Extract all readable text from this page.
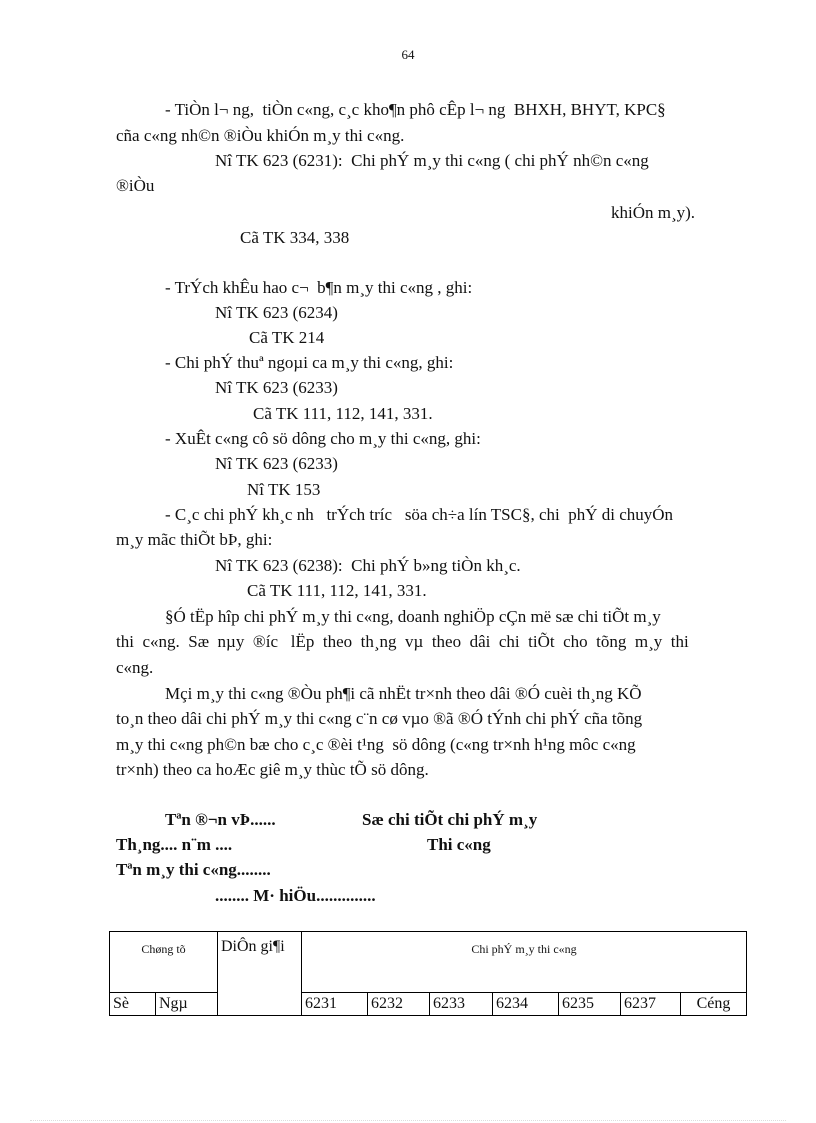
64
- TiÒn l¬ ng,  tiÒn c«ng, c¸c kho¶n phô cÊp l¬ ng  BHXH, BHYT, KPC§
cña c«ng nh©n ®iÒu khiÓn m¸y thi c«ng.
Nî TK 623 (6231):  Chi phÝ m¸y thi c«ng ( chi phÝ nh©n c«ng
®iÒu
khiÓn m¸y).
Cã TK 334, 338
- TrÝch khÊu hao c¬  b¶n m¸y thi c«ng , ghi:
Nî TK 623 (6234)
Cã TK 214
- Chi phÝ thuª ngoµi ca m¸y thi c«ng, ghi:
Nî TK 623 (6233)
Cã TK 111, 112, 141, 331.
- XuÊt c«ng cô sö dông cho m¸y thi c«ng, ghi:
Nî TK 623 (6233)
Nî TK 153
- C¸c chi phÝ kh¸c nh   trÝch tríc   söa ch÷a lín TSC§, chi  phÝ di chuyÓn
m¸y mãc thiÕt bÞ, ghi:
Nî TK 623 (6238):  Chi phÝ b»ng tiÒn kh¸c.
Cã TK 111, 112, 141, 331.
§Ó tËp hîp chi phÝ m¸y thi c«ng, doanh nghiÖp cÇn më sæ chi tiÕt m¸y
thi  c«ng.  Sæ  nµy  ®íc   lËp  theo  th¸ng  vµ  theo  dâi  chi  tiÕt  cho  tõng  m¸y  thi
c«ng.
Mçi m¸y thi c«ng ®Òu ph¶i cã nhËt tr×nh theo dâi ®Ó cuèi th¸ng KÕ
to¸n theo dâi chi phÝ m¸y thi c«ng c¨n cø vµo ®ã ®Ó tÝnh chi phÝ cña tõng
m¸y thi c«ng ph©n bæ cho c¸c ®èi t¹ng  sö dông (c«ng tr×nh h¹ng môc c«ng
tr×nh) theo ca hoÆc giê m¸y thùc tÕ sö dông.
Tªn ®¬n vÞ......	Sæ chi tiÕt chi phÝ m¸y
Th¸ng.... n¨m ....	Thi c«ng
Tªn m¸y thi c«ng........
........ M· hiÖu..............
Chøng tõ		DiÔn gi¶i	Chi phÝ m¸y thi c«ng						
Sè	Ngµ		6231	6232	6233	6234	6235	6237	Céng
